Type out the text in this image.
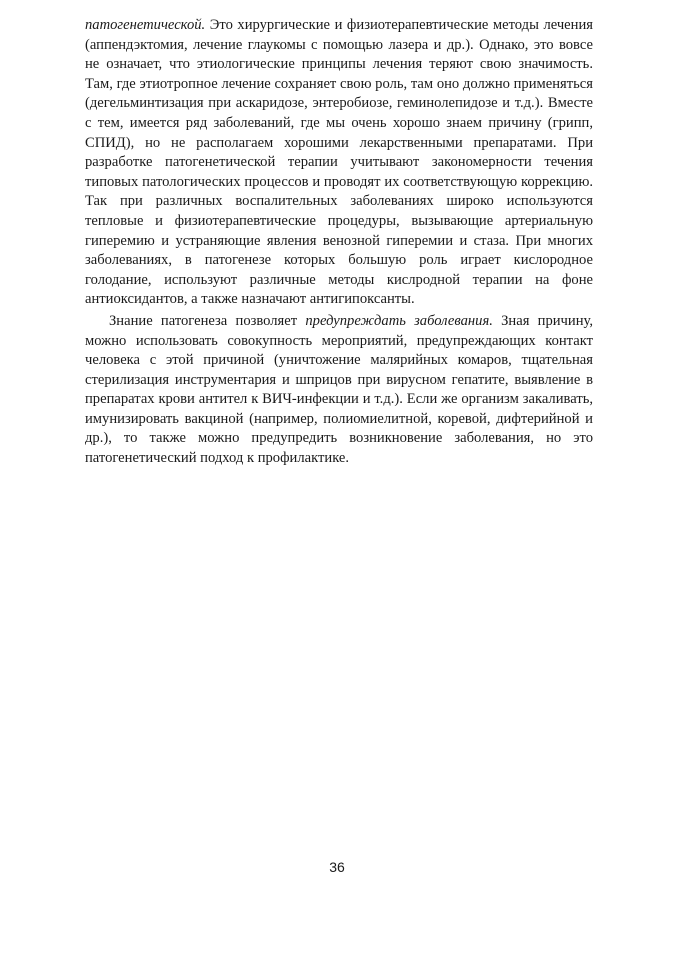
патогенетической. Это хирургические и физиотерапевтические методы лечения (аппендэктомия, лечение глаукомы с помощью лазера и др.). Однако, это вовсе не означает, что этиологические принципы лечения теряют свою значимость. Там, где этиотропное лечение сохраняет свою роль, там оно должно применяться (дегельминтизация при аскаридозе, энтеробиозе, геминолепидозе и т.д.). Вместе с тем, имеется ряд заболеваний, где мы очень хорошо знаем причину (грипп, СПИД), но не располагаем хорошими лекарственными препаратами. При разработке патогенетической терапии учитывают закономерности течения типовых патологических процессов и проводят их соответствующую коррекцию. Так при различных воспалительных заболеваниях широко используются тепловые и физиотерапевтические процедуры, вызывающие артериальную гиперемию и устраняющие явления венозной гиперемии и стаза. При многих заболеваниях, в патогенезе которых большую роль играет кислородное голодание, используют различные методы кислродной терапии на фоне антиоксидантов, а также назначают антигипоксанты.

Знание патогенеза позволяет предупреждать заболевания. Зная причину, можно использовать совокупность мероприятий, предупреждающих контакт человека с этой причиной (уничтожение малярийных комаров, тщательная стерилизация инструментария и шприцов при вирусном гепатите, выявление в препаратах крови антител к ВИЧ-инфекции и т.д.). Если же организм закаливать, имунизировать вакциной (например, полиомиелитной, коревой, дифтерийной и др.), то также можно предупредить возникновение заболевания, но это патогенетический подход к профилактике.

36
